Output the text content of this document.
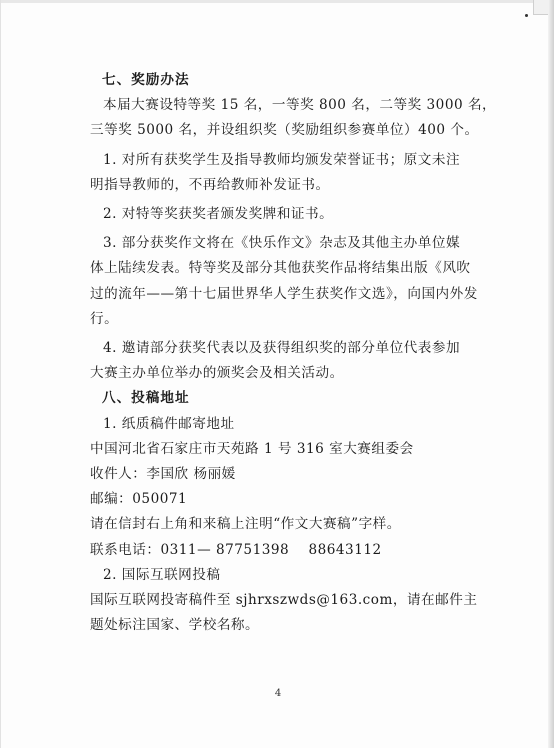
七、奖励办法

本届大赛设特等奖 15 名，一等奖 800 名，二等奖 3000 名，

三等奖 5000 名，并设组织奖（奖励组织参赛单位）400 个。

1. 对所有获奖学生及指导教师均颁发荣誉证书；原文未注

明指导教师的，不再给教师补发证书。

2. 对特等奖获奖者颁发奖牌和证书。

3. 部分获奖作文将在《快乐作文》杂志及其他主办单位媒

体上陆续发表。特等奖及部分其他获奖作品将结集出版《风吹

过的流年——第十七届世界华人学生获奖作文选》，向国内外发

行。

4. 邀请部分获奖代表以及获得组织奖的部分单位代表参加

大赛主办单位举办的颁奖会及相关活动。

八、投稿地址

1. 纸质稿件邮寄地址

中国河北省石家庄市天苑路 1 号 316 室大赛组委会

收件人：李国欣 杨丽媛

邮编：050071

请在信封右上角和来稿上注明“作文大赛稿”字样。

联系电话：0311— 87751398    88643112

2. 国际互联网投稿

国际互联网投寄稿件至 sjhrxszwds@163.com，请在邮件主

题处标注国家、学校名称。

4
